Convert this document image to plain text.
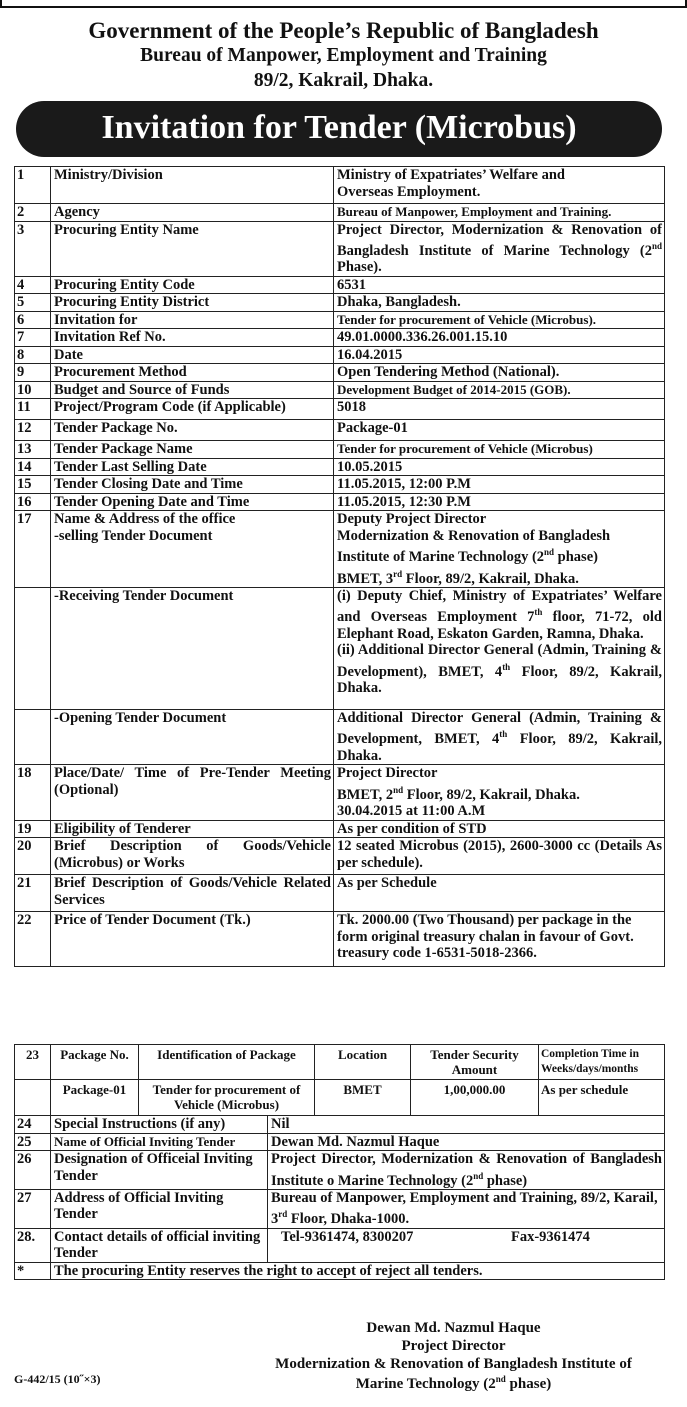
Government of the People’s Republic of Bangladesh
Bureau of Manpower, Employment and Training
89/2, Kakrail, Dhaka.
Invitation for Tender (Microbus)
1	Ministry/Division	Ministry of Expatriates’ Welfare and
Overseas Employment.
2	Agency	Bureau of Manpower, Employment and Training.
3	Procuring Entity Name	Project Director, Modernization & Renovation of Bangladesh Institute of Marine Technology (2nd Phase).
4	Procuring Entity Code	6531
5	Procuring Entity District	Dhaka, Bangladesh.
6	Invitation for	Tender for procurement of Vehicle (Microbus).
7	Invitation Ref No.	49.01.0000.336.26.001.15.10
8	Date	16.04.2015
9	Procurement Method	Open Tendering Method (National).
10	Budget and Source of Funds	Development Budget of 2014-2015 (GOB).
11	Project/Program Code (if Applicable)	5018
12	Tender Package No.	Package-01
13	Tender Package Name	Tender for procurement of Vehicle (Microbus)
14	Tender Last Selling Date	10.05.2015
15	Tender Closing Date and Time	11.05.2015, 12:00 P.M
16	Tender Opening Date and Time	11.05.2015, 12:30 P.M
17	Name & Address of the office
-selling Tender Document	Deputy Project Director
Modernization & Renovation of Bangladesh Institute of Marine Technology (2nd phase)
BMET, 3rd Floor, 89/2, Kakrail, Dhaka.
	-Receiving Tender Document	(i) Deputy Chief, Ministry of Expatriates’ Welfare and Overseas Employment 7th floor, 71-72, old Elephant Road, Eskaton Garden, Ramna, Dhaka.
(ii) Additional Director General (Admin, Training & Development), BMET, 4th Floor, 89/2, Kakrail, Dhaka.
	-Opening Tender Document	Additional Director General (Admin, Training & Development, BMET, 4th Floor, 89/2, Kakrail, Dhaka.
18	Place/Date/ Time of Pre-Tender Meeting (Optional)	Project Director
BMET, 2nd Floor, 89/2, Kakrail, Dhaka.
30.04.2015 at 11:00 A.M
19	Eligibility of Tenderer	As per condition of STD
20	Brief Description of Goods/Vehicle (Microbus) or Works	12 seated Microbus (2015), 2600-3000 cc (Details As per schedule).
21	Brief Description of Goods/Vehicle Related Services	As per Schedule
22	Price of Tender Document (Tk.)	Tk. 2000.00 (Two Thousand) per package in the form original treasury chalan in favour of Govt. treasury code 1-6531-5018-2366.
23	Package No.	Identification of Package	Location	Tender Security Amount	Completion Time in Weeks/days/months
	Package-01	Tender for procurement of Vehicle (Microbus)	BMET	1,00,000.00	As per schedule
24	Special Instructions (if any)	Nil
25	Name of Official Inviting Tender	Dewan Md. Nazmul Haque
26	Designation of Officeial Inviting Tender	Project Director, Modernization & Renovation of Bangladesh Institute o Marine Technology (2nd phase)
27	Address of Official Inviting Tender	Bureau of Manpower, Employment and Training, 89/2, Karail, 3rd Floor, Dhaka-1000.
28.	Contact details of official inviting Tender	Tel-9361474, 8300207 Fax-9361474
*	The procuring Entity reserves the right to accept of reject all tenders.	
Dewan Md. Nazmul Haque
Project Director
Modernization & Renovation of Bangladesh Institute of
Marine Technology (2nd phase)
G-442/15 (10˝×3)
